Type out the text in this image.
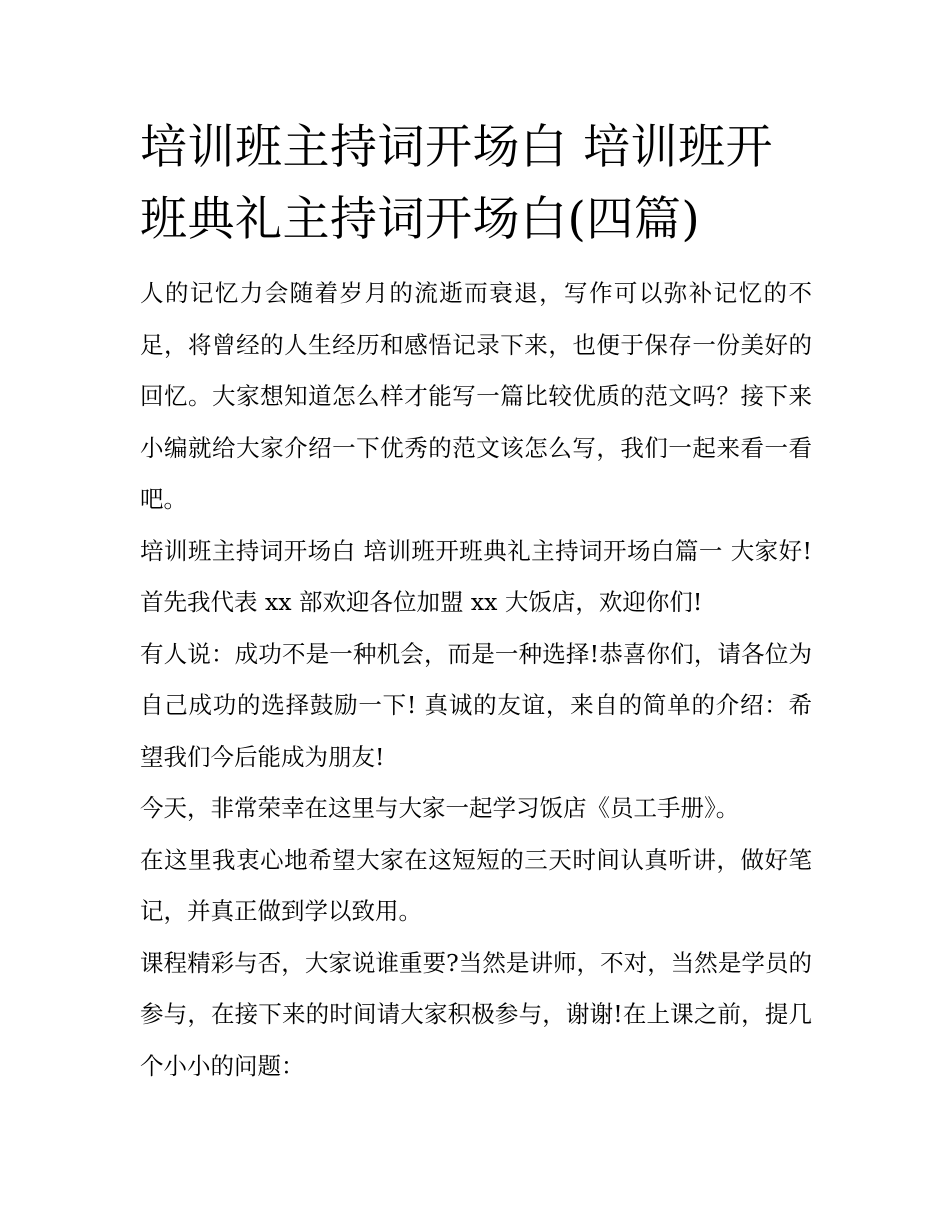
培训班主持词开场白 培训班开班典礼主持词开场白(四篇)

人的记忆力会随着岁月的流逝而衰退，写作可以弥补记忆的不足，将曾经的人生经历和感悟记录下来，也便于保存一份美好的回忆。大家想知道怎么样才能写一篇比较优质的范文吗？接下来小编就给大家介绍一下优秀的范文该怎么写，我们一起来看一看吧。

培训班主持词开场白 培训班开班典礼主持词开场白篇一 大家好! 首先我代表 xx 部欢迎各位加盟 xx 大饭店，欢迎你们!

有人说：成功不是一种机会，而是一种选择!恭喜你们，请各位为自己成功的选择鼓励一下! 真诚的友谊，来自的简单的介绍：希望我们今后能成为朋友!

今天，非常荣幸在这里与大家一起学习饭店《员工手册》。

在这里我衷心地希望大家在这短短的三天时间认真听讲，做好笔记，并真正做到学以致用。

课程精彩与否，大家说谁重要?当然是讲师，不对，当然是学员的参与，在接下来的时间请大家积极参与，谢谢!在上课之前，提几个小小的问题：
